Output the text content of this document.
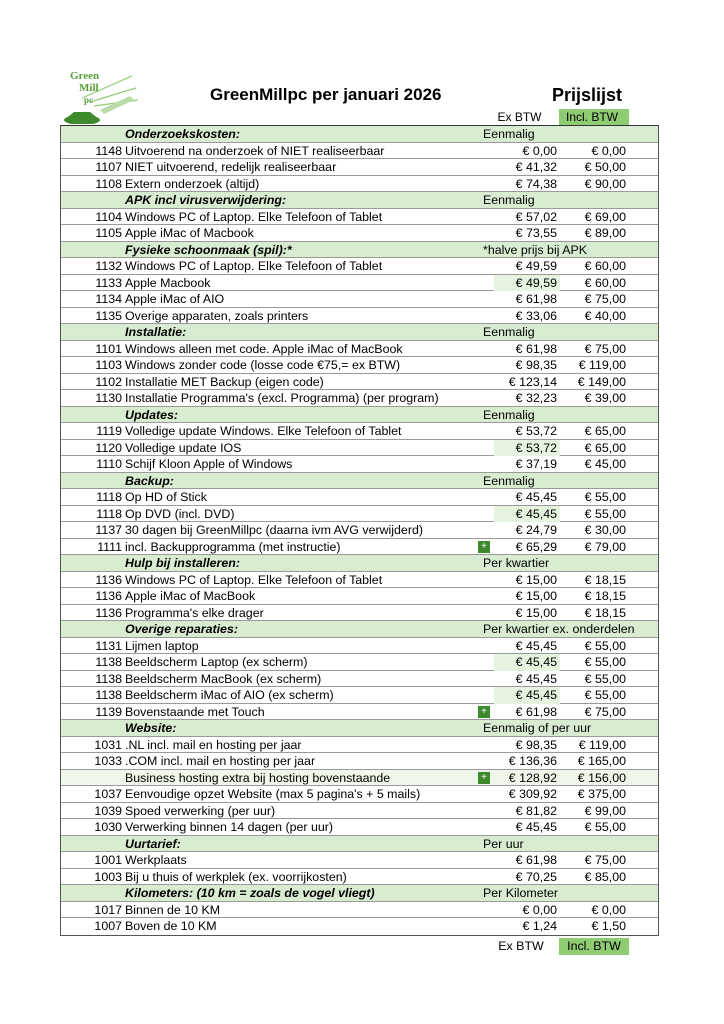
Green
Mill
pc	GreenMillpc per januari 2026	Prijslijst
Ex BTW	Incl. BTW
Onderzoekskosten:	Eenmalig
1148 Uitvoerend na onderzoek of NIET realiseerbaar	€ 0,00	€ 0,00
1107 NIET uitvoerend, redelijk realiseerbaar	€ 41,32	€ 50,00
1108 Extern onderzoek (altijd)	€ 74,38	€ 90,00
APK incl virusverwijdering:	Eenmalig
1104 Windows PC of Laptop. Elke Telefoon of Tablet	€ 57,02	€ 69,00
1105 Apple iMac of Macbook	€ 73,55	€ 89,00
Fysieke schoonmaak (spil):*	*halve prijs bij APK
1132 Windows PC of Laptop. Elke Telefoon of Tablet	€ 49,59	€ 60,00
1133 Apple Macbook	€ 49,59	€ 60,00
1134 Apple iMac of AIO	€ 61,98	€ 75,00
1135 Overige apparaten, zoals printers	€ 33,06	€ 40,00
Installatie:	Eenmalig
1101 Windows alleen met code. Apple iMac of MacBook	€ 61,98	€ 75,00
1103 Windows zonder code (losse code €75,= ex BTW)	€ 98,35	€ 119,00
1102 Installatie MET Backup (eigen code)	€ 123,14	€ 149,00
1130 Installatie Programma's (excl. Programma) (per program)	€ 32,23	€ 39,00
Updates:	Eenmalig
1119 Volledige update Windows. Elke Telefoon of Tablet	€ 53,72	€ 65,00
1120 Volledige update IOS	€ 53,72	€ 65,00
1110 Schijf Kloon Apple of Windows	€ 37,19	€ 45,00
Backup:	Eenmalig
1118 Op HD of Stick	€ 45,45	€ 55,00
1118 Op DVD (incl. DVD)	€ 45,45	€ 55,00
1137 30 dagen bij GreenMillpc (daarna ivm AVG verwijderd)	€ 24,79	€ 30,00
1111 incl. Backupprogramma (met instructie)	+	€ 65,29	€ 79,00
Hulp bij installeren:	Per kwartier
1136 Windows PC of Laptop. Elke Telefoon of Tablet	€ 15,00	€ 18,15
1136 Apple iMac of MacBook	€ 15,00	€ 18,15
1136 Programma's elke drager	€ 15,00	€ 18,15
Overige reparaties:	Per kwartier ex. onderdelen
1131 Lijmen laptop	€ 45,45	€ 55,00
1138 Beeldscherm Laptop (ex scherm)	€ 45,45	€ 55,00
1138 Beeldscherm MacBook (ex scherm)	€ 45,45	€ 55,00
1138 Beeldscherm iMac of AIO (ex scherm)	€ 45,45	€ 55,00
1139 Bovenstaande met Touch	+	€ 61,98	€ 75,00
Website:	Eenmalig of per uur
1031 .NL incl. mail en hosting per jaar	€ 98,35	€ 119,00
1033 .COM incl. mail en hosting per jaar	€ 136,36	€ 165,00
Business hosting extra bij hosting bovenstaande	+	€ 128,92	€ 156,00
1037 Eenvoudige opzet Website (max 5 pagina's + 5 mails)	€ 309,92	€ 375,00
1039 Spoed verwerking (per uur)	€ 81,82	€ 99,00
1030 Verwerking binnen 14 dagen (per uur)	€ 45,45	€ 55,00
Uurtarief:	Per uur
1001 Werkplaats	€ 61,98	€ 75,00
1003 Bij u thuis of werkplek (ex. voorrijkosten)	€ 70,25	€ 85,00
Kilometers: (10 km = zoals de vogel vliegt)	Per Kilometer
1017 Binnen de 10 KM	€ 0,00	€ 0,00
1007 Boven de 10 KM	€ 1,24	€ 1,50
Ex BTW	Incl. BTW
